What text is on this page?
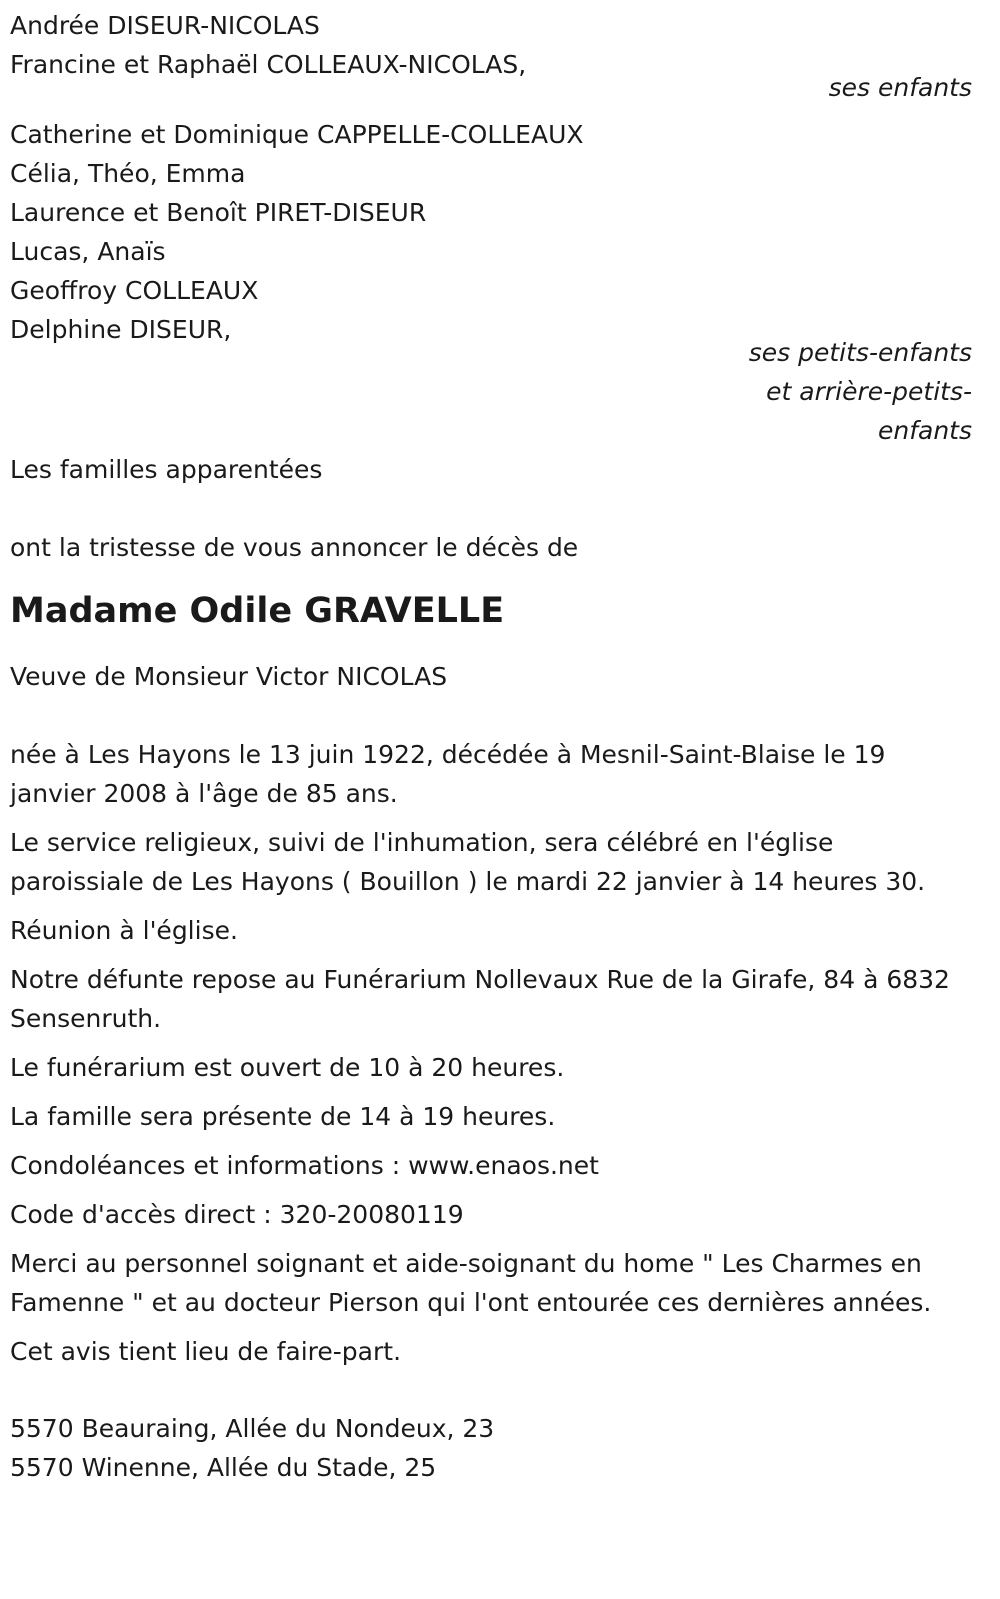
Andrée DISEUR-NICOLAS
Francine et Raphaël COLLEAUX-NICOLAS,
ses enfants
Catherine et Dominique CAPPELLE-COLLEAUX
Célia, Théo, Emma
Laurence et Benoît PIRET-DISEUR
Lucas, Anaïs
Geoffroy COLLEAUX
Delphine DISEUR,
ses petits-enfants
et arrière-petits-
enfants
Les familles apparentées
ont la tristesse de vous annoncer le décès de
Madame Odile GRAVELLE
Veuve de Monsieur Victor NICOLAS
née à Les Hayons le 13 juin 1922, décédée à Mesnil-Saint-Blaise le 19 janvier 2008 à l'âge de 85 ans.
Le service religieux, suivi de l'inhumation, sera célébré en l'église paroissiale de Les Hayons ( Bouillon ) le mardi 22 janvier à 14 heures 30.
Réunion à l'église.
Notre défunte repose au Funérarium Nollevaux Rue de la Girafe, 84 à 6832 Sensenruth.
Le funérarium est ouvert de 10 à 20 heures.
La famille sera présente de 14 à 19 heures.
Condoléances et informations : www.enaos.net
Code d'accès direct : 320-20080119
Merci au personnel soignant et aide-soignant du home " Les Charmes en Famenne " et au docteur Pierson qui l'ont entourée ces dernières années.
Cet avis tient lieu de faire-part.
5570 Beauraing, Allée du Nondeux, 23
5570 Winenne, Allée du Stade, 25
